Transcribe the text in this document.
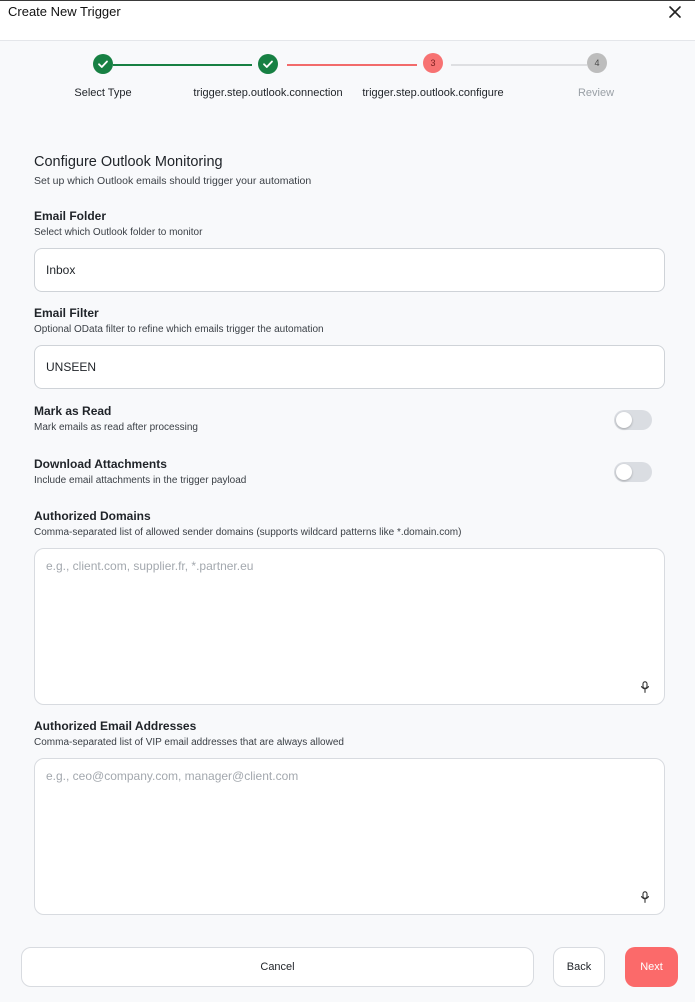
Create New Trigger
3	4
Select Type	trigger.step.outlook.connection trigger.step.outlook.configure	Review
Configure Outlook Monitoring
Set up which Outlook emails should trigger your automation
Email Folder
Select which Outlook folder to monitor
Inbox
Email Filter
Optional OData filter to refine which emails trigger the automation
UNSEEN
Mark as Read
Mark emails as read after processing
Download Attachments
Include email attachments in the trigger payload
Authorized Domains
Comma-separated list of allowed sender domains (supports wildcard patterns like *.domain.com)
e.g., client.com, supplier.fr, *.partner.eu
Authorized Email Addresses
Comma-separated list of VIP email addresses that are always allowed
e.g., ceo@company.com, manager@client.com
Cancel	Back	Next
